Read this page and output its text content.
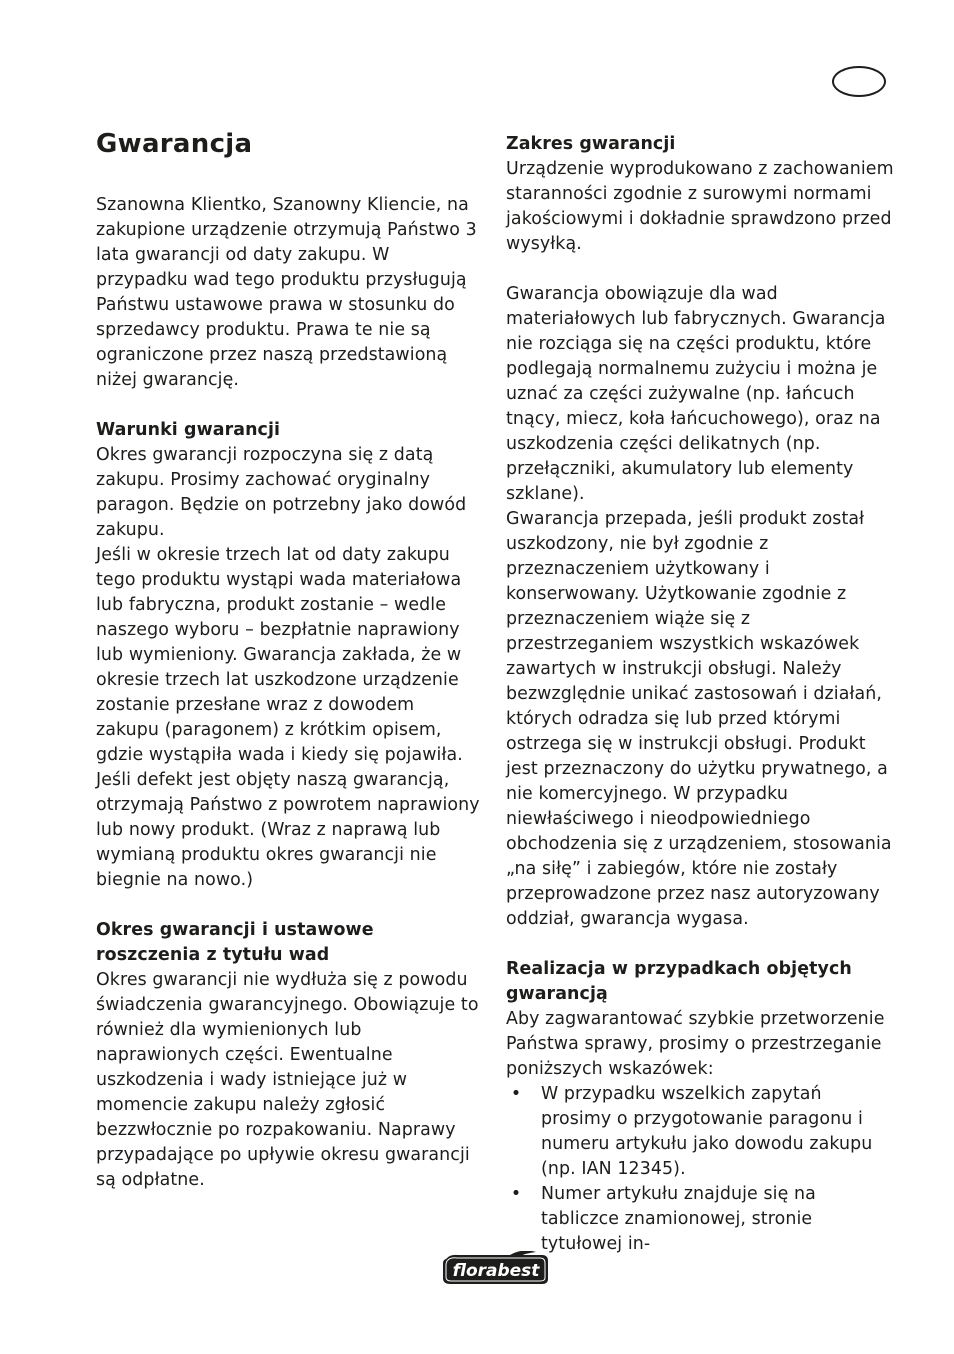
Gwarancja

Szanowna Klientko, Szanowny Kliencie, na zakupione urządzenie otrzymują Państwo 3 lata gwarancji od daty zakupu. W przypadku wad tego produktu przysługują Państwu ustawowe prawa w stosunku do sprzedawcy produktu. Prawa te nie są ograniczone przez naszą przedstawioną niżej gwarancję.

Warunki gwarancji

Okres gwarancji rozpoczyna się z datą zakupu. Prosimy zachować oryginalny paragon. Będzie on potrzebny jako dowód zakupu.

Jeśli w okresie trzech lat od daty zakupu tego produktu wystąpi wada materiałowa lub fabryczna, produkt zostanie – wedle naszego wyboru – bezpłatnie naprawiony lub wymieniony. Gwarancja zakłada, że w okresie trzech lat uszkodzone urządzenie zostanie przesłane wraz z dowodem zakupu (paragonem) z krótkim opisem, gdzie wystąpiła wada i kiedy się pojawiła.

Jeśli defekt jest objęty naszą gwarancją, otrzymają Państwo z powrotem naprawiony lub nowy produkt. (Wraz z naprawą lub wymianą produktu okres gwarancji nie biegnie na nowo.)

Okres gwarancji i ustawowe roszczenia z tytułu wad

Okres gwarancji nie wydłuża się z powodu świadczenia gwarancyjnego. Obowiązuje to również dla wymienionych lub naprawionych części. Ewentualne uszkodzenia i wady istniejące już w momencie zakupu należy zgłosić bezzwłocznie po rozpakowaniu. Naprawy przypadające po upływie okresu gwarancji są odpłatne.

Zakres gwarancji

Urządzenie wyprodukowano z zachowaniem staranności zgodnie z surowymi normami jakościowymi i dokładnie sprawdzono przed wysyłką.

Gwarancja obowiązuje dla wad materiałowych lub fabrycznych. Gwarancja nie rozciąga się na części produktu, które podlegają normalnemu zużyciu i można je uznać za części zużywalne (np. łańcuch tnący, miecz, koła łańcuchowego), oraz na uszkodzenia części delikatnych (np. przełączniki, akumulatory lub elementy szklane).

Gwarancja przepada, jeśli produkt został uszkodzony, nie był zgodnie z przeznaczeniem użytkowany i konserwowany. Użytkowanie zgodnie z przeznaczeniem wiąże się z przestrzeganiem wszystkich wskazówek zawartych w instrukcji obsługi. Należy bezwzględnie unikać zastosowań i działań, których odradza się lub przed którymi ostrzega się w instrukcji obsługi. Produkt jest przeznaczony do użytku prywatnego, a nie komercyjnego. W przypadku niewłaściwego i nieodpowiedniego obchodzenia się z urządzeniem, stosowania „na siłę” i zabiegów, które nie zostały przeprowadzone przez nasz autoryzowany oddział, gwarancja wygasa.

Realizacja w przypadkach objętych gwarancją

Aby zagwarantować szybkie przetworzenie Państwa sprawy, prosimy o przestrzeganie poniższych wskazówek:

• W przypadku wszelkich zapytań prosimy o przygotowanie paragonu i numeru artykułu jako dowodu zakupu (np. IAN 12345).
• Numer artykułu znajduje się na tabliczce znamionowej, stronie tytułowej in-
florabest
